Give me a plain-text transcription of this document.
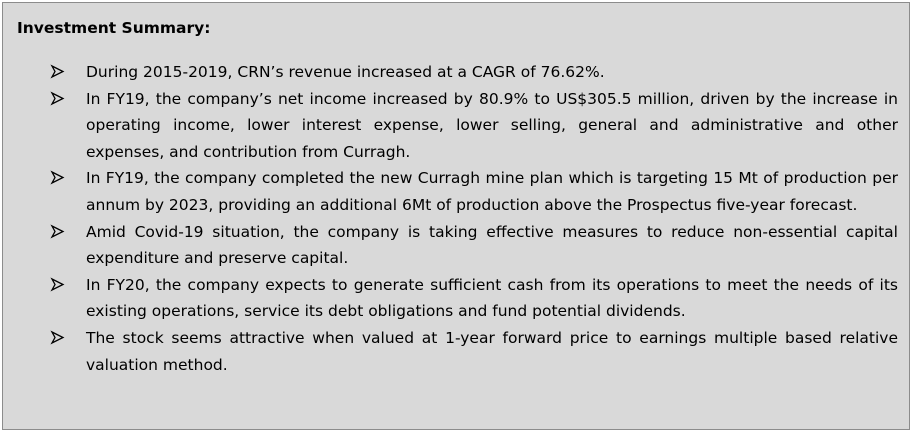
Investment Summary:
During 2015-2019, CRN’s revenue increased at a CAGR of 76.62%.
In FY19, the company’s net income increased by 80.9% to US$305.5 million, driven by the increase in operating income, lower interest expense, lower selling, general and administrative and other expenses, and contribution from Curragh.
In FY19, the company completed the new Curragh mine plan which is targeting 15 Mt of production per annum by 2023, providing an additional 6Mt of production above the Prospectus five-year forecast.
Amid Covid-19 situation, the company is taking effective measures to reduce non-essential capital expenditure and preserve capital.
In FY20, the company expects to generate sufficient cash from its operations to meet the needs of its existing operations, service its debt obligations and fund potential dividends.
The stock seems attractive when valued at 1-year forward price to earnings multiple based relative valuation method.
